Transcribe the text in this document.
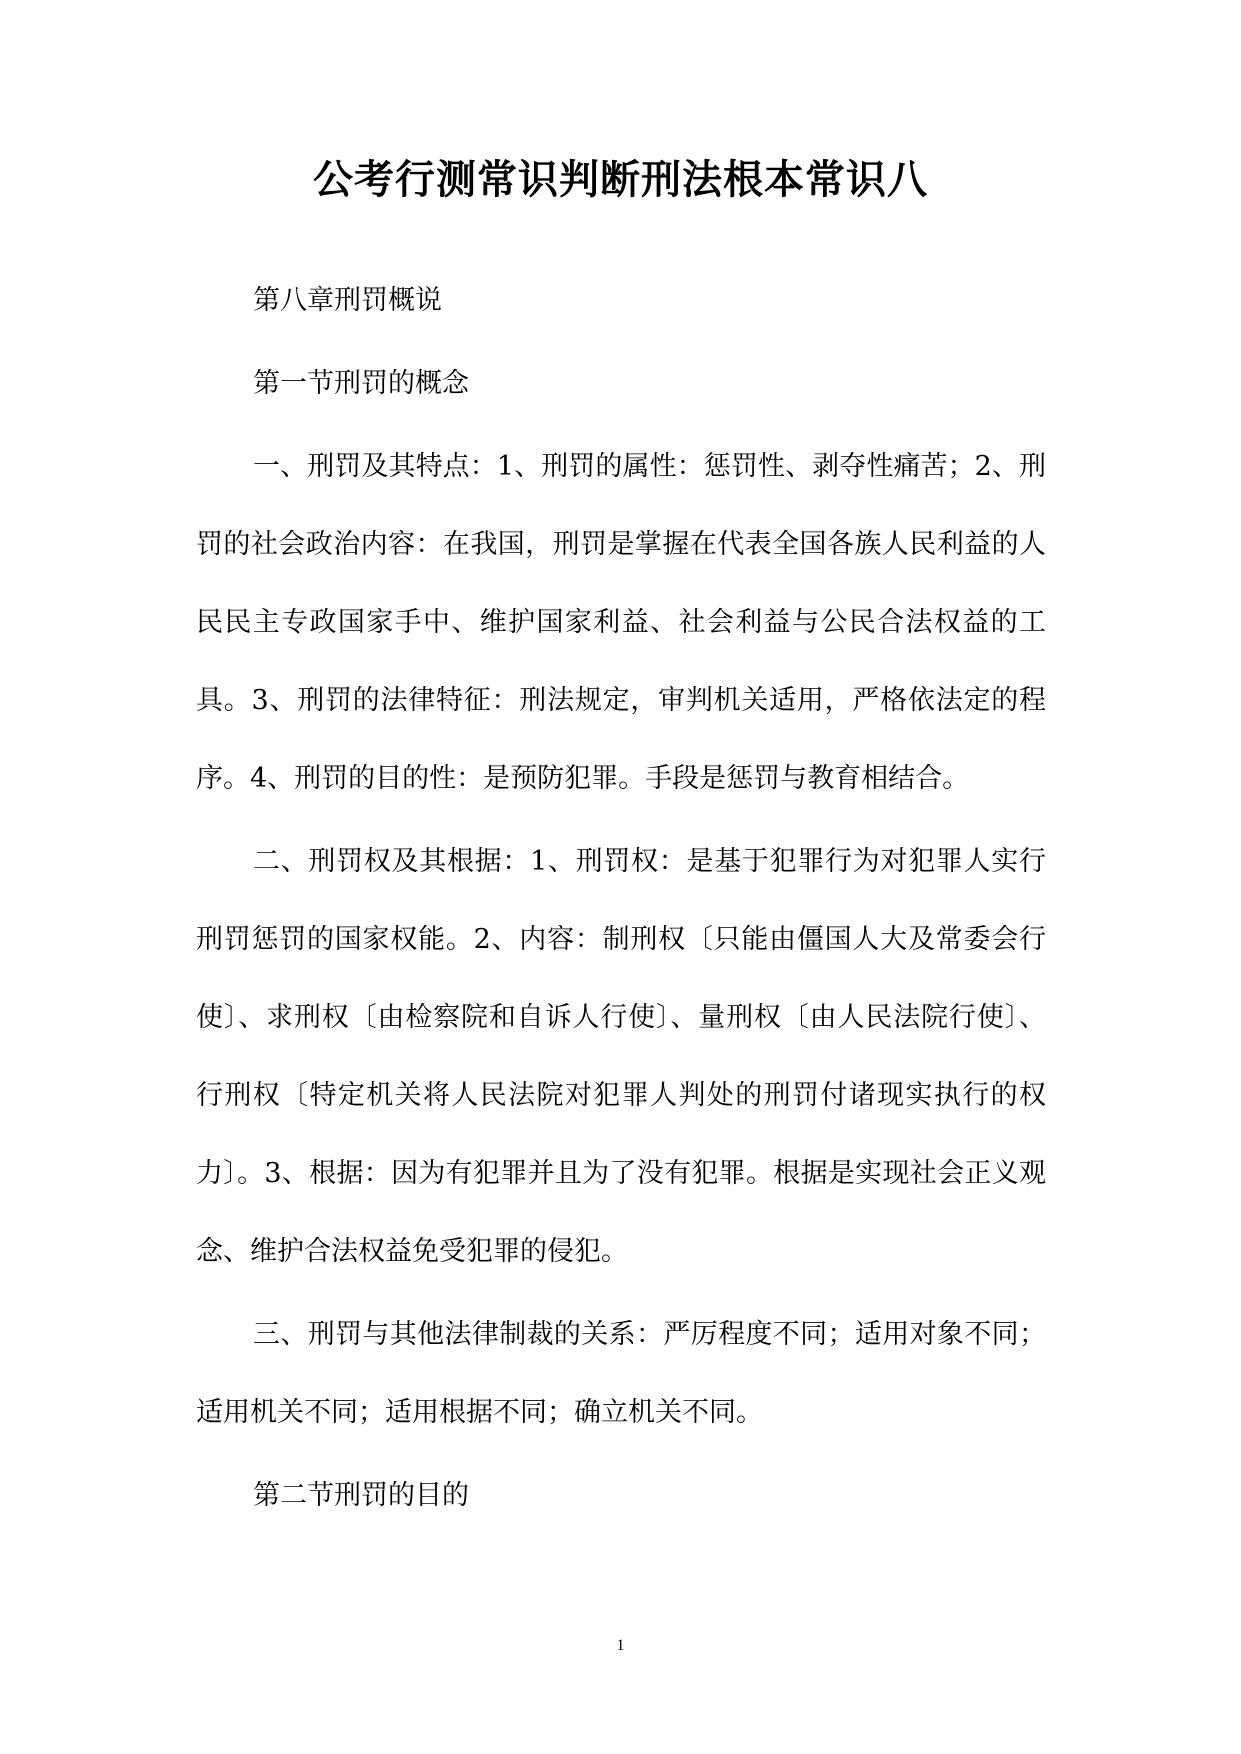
公考行测常识判断刑法根本常识八

第八章刑罚概说

第一节刑罚的概念

一、刑罚及其特点：1、刑罚的属性：惩罚性、剥夺性痛苦；2、刑罚的社会政治内容：在我国，刑罚是掌握在代表全国各族人民利益的人民民主专政国家手中、维护国家利益、社会利益与公民合法权益的工具。3、刑罚的法律特征：刑法规定，审判机关适用，严格依法定的程序。4、刑罚的目的性：是预防犯罪。手段是惩罚与教育相结合。

二、刑罚权及其根据：1、刑罚权：是基于犯罪行为对犯罪人实行刑罚惩罚的国家权能。2、内容：制刑权〔只能由僵国人大及常委会行使〕、求刑权〔由检察院和自诉人行使〕、量刑权〔由人民法院行使〕、行刑权〔特定机关将人民法院对犯罪人判处的刑罚付诸现实执行的权力〕。3、根据：因为有犯罪并且为了没有犯罪。根据是实现社会正义观念、维护合法权益免受犯罪的侵犯。

三、刑罚与其他法律制裁的关系：严厉程度不同；适用对象不同；适用机关不同；适用根据不同；确立机关不同。

第二节刑罚的目的

1
